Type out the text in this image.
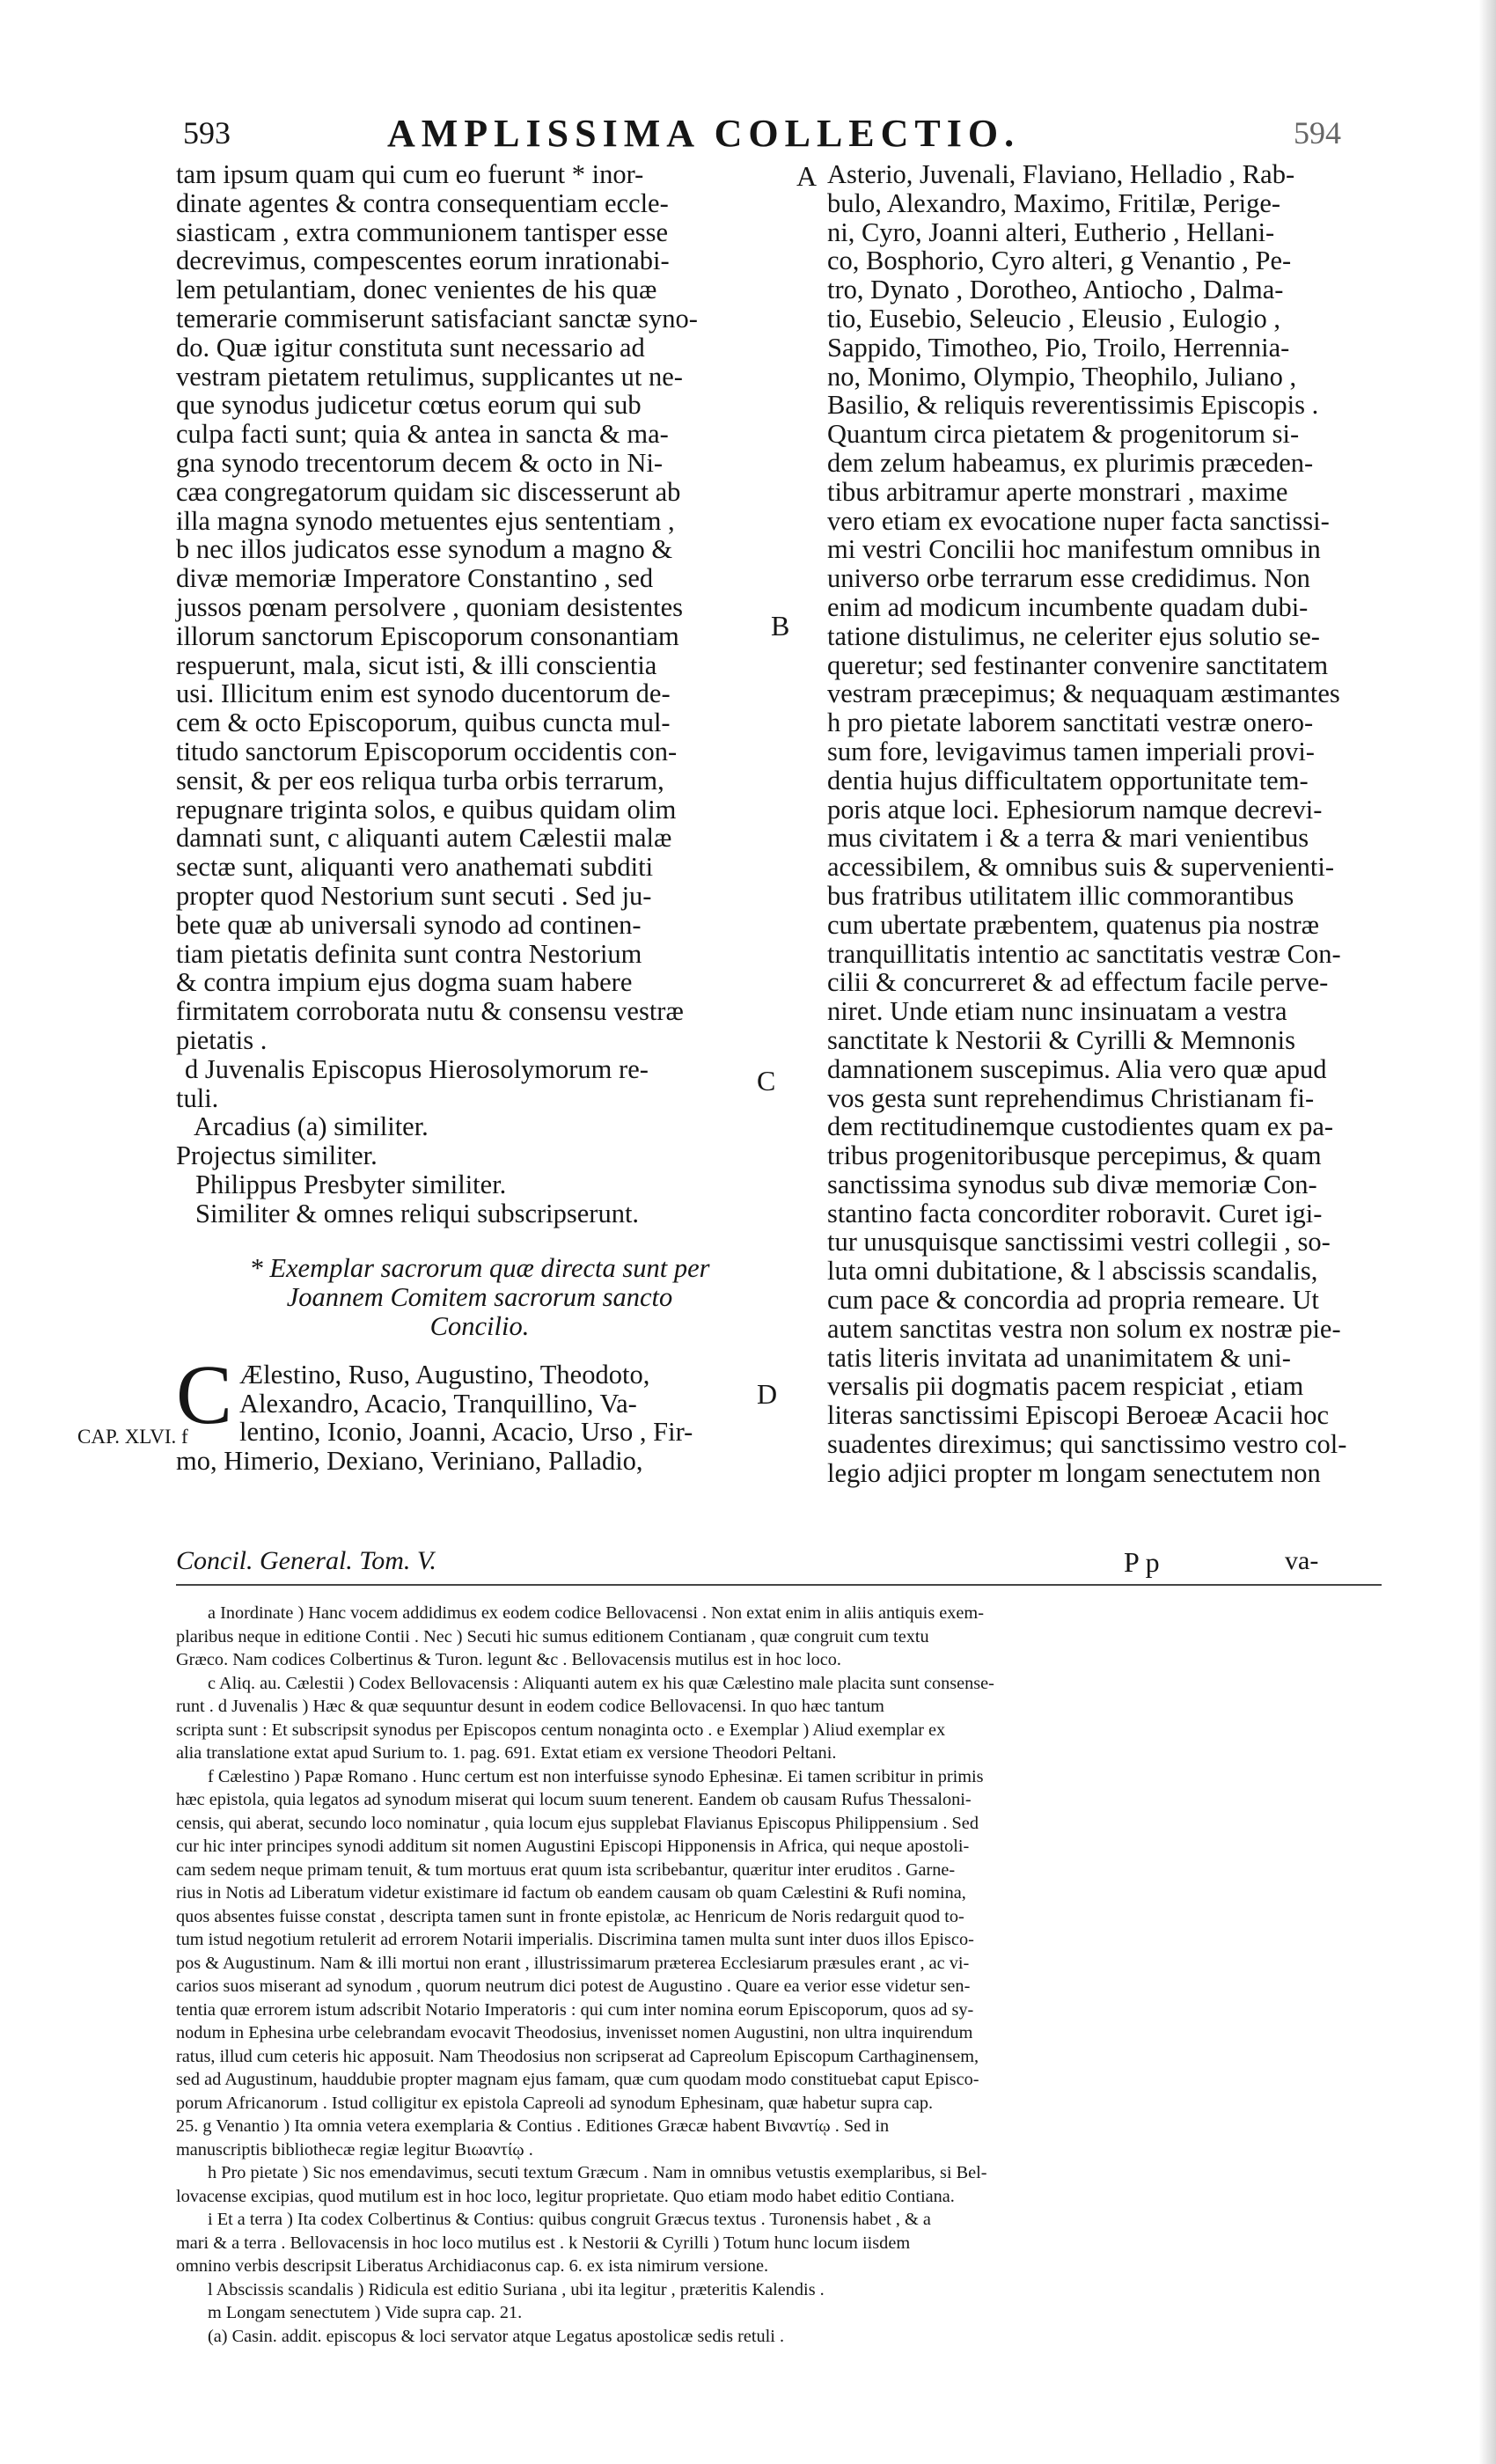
593	AMPLISSIMA COLLECTIO.	594

tam ipsum quam qui cum eo fuerunt * inor-
dinate agentes & contra consequentiam eccle-
siasticam , extra communionem tantisper esse
decrevimus, compescentes eorum inrationabi-
lem petulantiam, donec venientes de his quæ
temerarie commiserunt satisfaciant sanctæ syno-
do. Quæ igitur constituta sunt necessario ad
vestram pietatem retulimus, supplicantes ut ne-
que synodus judicetur cœtus eorum qui sub
culpa facti sunt; quia & antea in sancta & ma-
gna synodo trecentorum decem & octo in Ni-
cæa congregatorum quidam sic discesserunt ab
illa magna synodo metuentes ejus sententiam ,
b nec illos judicatos esse synodum a magno &
divæ memoriæ Imperatore Constantino , sed
jussos pœnam persolvere , quoniam desistentes
illorum sanctorum Episcoporum consonantiam
respuerunt, mala, sicut isti, & illi conscientia
usi. Illicitum enim est synodo ducentorum de-
cem & octo Episcoporum, quibus cuncta mul-
titudo sanctorum Episcoporum occidentis con-
sensit, & per eos reliqua turba orbis terrarum,
repugnare triginta solos, e quibus quidam olim
damnati sunt, c aliquanti autem Cælestii malæ
sectæ sunt, aliquanti vero anathemati subditi
propter quod Nestorium sunt secuti . Sed ju-
bete quæ ab universali synodo ad continen-
tiam pietatis definita sunt contra Nestorium
& contra impium ejus dogma suam habere
firmitatem corroborata nutu & consensu vestræ
pietatis .

d Juvenalis Episcopus Hierosolymorum re-
tuli.
Arcadius (a) similiter.
Projectus similiter.
Philippus Presbyter similiter.
Similiter & omnes reliqui subscripserunt.
* Exemplar sacrorum quæ directa sunt per
Joannem Comitem sacrorum sancto
Concilio.
C Ælestino, Ruso, Augustino, Theodoto,
Alexandro, Acacio, Tranquillino, Va-
lentino, Iconio, Joanni, Acacio, Urso , Fir-
mo, Himerio, Dexiano, Veriniano, Palladio,
CAP. XLVI. f
A
B
C
D

Asterio, Juvenali, Flaviano, Helladio , Rab-
bulo, Alexandro, Maximo, Fritilæ, Perige-
ni, Cyro, Joanni alteri, Eutherio , Hellani-
co, Bosphorio, Cyro alteri, g Venantio , Pe-
tro, Dynato , Dorotheo, Antiocho , Dalma-
tio, Eusebio, Seleucio , Eleusio , Eulogio ,
Sappido, Timotheo, Pio, Troilo, Herrennia-
no, Monimo, Olympio, Theophilo, Juliano ,
Basilio, & reliquis reverentissimis Episcopis .
Quantum circa pietatem & progenitorum si-
dem zelum habeamus, ex plurimis præceden-
tibus arbitramur aperte monstrari , maxime
vero etiam ex evocatione nuper facta sanctissi-
mi vestri Concilii hoc manifestum omnibus in
universo orbe terrarum esse credidimus. Non
enim ad modicum incumbente quadam dubi-
tatione distulimus, ne celeriter ejus solutio se-
queretur; sed festinanter convenire sanctitatem
vestram præcepimus; & nequaquam æstimantes
h pro pietate laborem sanctitati vestræ onero-
sum fore, levigavimus tamen imperiali provi-
dentia hujus difficultatem opportunitate tem-
poris atque loci. Ephesiorum namque decrevi-
mus civitatem i & a terra & mari venientibus
accessibilem, & omnibus suis & supervenienti-
bus fratribus utilitatem illic commorantibus
cum ubertate præbentem, quatenus pia nostræ
tranquillitatis intentio ac sanctitatis vestræ Con-
cilii & concurreret & ad effectum facile perve-
niret. Unde etiam nunc insinuatam a vestra
sanctitate k Nestorii & Cyrilli & Memnonis
damnationem suscepimus. Alia vero quæ apud
vos gesta sunt reprehendimus Christianam fi-
dem rectitudinemque custodientes quam ex pa-
tribus progenitoribusque percepimus, & quam
sanctissima synodus sub divæ memoriæ Con-
stantino facta concorditer roboravit. Curet igi-
tur unusquisque sanctissimi vestri collegii , so-
luta omni dubitatione, & l abscissis scandalis,
cum pace & concordia ad propria remeare. Ut
autem sanctitas vestra non solum ex nostræ pie-
tatis literis invitata ad unanimitatem & uni-
versalis pii dogmatis pacem respiciat , etiam
literas sanctissimi Episcopi Beroeæ Acacii hoc
suadentes direximus; qui sanctissimo vestro col-
legio adjici propter m longam senectutem non

Concil. General. Tom. V.	P p	va-
a Inordinate ) Hanc vocem addidimus ex eodem codice Bellovacensi . Non extat enim in aliis antiquis exem-
plaribus neque in editione Contii . Nec ) Secuti hic sumus editionem Contianam , quæ congruit cum textu
Græco. Nam codices Colbertinus & Turon. legunt &c . Bellovacensis mutilus est in hoc loco.
c Aliq. au. Cælestii ) Codex Bellovacensis : Aliquanti autem ex his quæ Cælestino male placita sunt consense-
runt . d Juvenalis ) Hæc & quæ sequuntur desunt in eodem codice Bellovacensi. In quo hæc tantum
scripta sunt : Et subscripsit synodus per Episcopos centum nonaginta octo . e Exemplar ) Aliud exemplar ex
alia translatione extat apud Surium to. 1. pag. 691. Extat etiam ex versione Theodori Peltani.
f Cælestino ) Papæ Romano . Hunc certum est non interfuisse synodo Ephesinæ. Ei tamen scribitur in primis
hæc epistola, quia legatos ad synodum miserat qui locum suum tenerent. Eandem ob causam Rufus Thessaloni-
censis, qui aberat, secundo loco nominatur , quia locum ejus supplebat Flavianus Episcopus Philippensium . Sed
cur hic inter principes synodi additum sit nomen Augustini Episcopi Hipponensis in Africa, qui neque apostoli-
cam sedem neque primam tenuit, & tum mortuus erat quum ista scribebantur, quæritur inter eruditos . Garne-
rius in Notis ad Liberatum videtur existimare id factum ob eandem causam ob quam Cælestini & Rufi nomina,
quos absentes fuisse constat , descripta tamen sunt in fronte epistolæ, ac Henricum de Noris redarguit quod to-
tum istud negotium retulerit ad errorem Notarii imperialis. Discrimina tamen multa sunt inter duos illos Episco-
pos & Augustinum. Nam & illi mortui non erant , illustrissimarum præterea Ecclesiarum præsules erant , ac vi-
carios suos miserant ad synodum , quorum neutrum dici potest de Augustino . Quare ea verior esse videtur sen-
tentia quæ errorem istum adscribit Notario Imperatoris : qui cum inter nomina eorum Episcoporum, quos ad sy-
nodum in Ephesina urbe celebrandam evocavit Theodosius, invenisset nomen Augustini, non ultra inquirendum
ratus, illud cum ceteris hic apposuit. Nam Theodosius non scripserat ad Capreolum Episcopum Carthaginensem,
sed ad Augustinum, hauddubie propter magnam ejus famam, quæ cum quodam modo constituebat caput Episco-
porum Africanorum . Istud colligitur ex epistola Capreoli ad synodum Ephesinam, quæ habetur supra cap.
25. g Venantio ) Ita omnia vetera exemplaria & Contius . Editiones Græcæ habent Βιναντίῳ . Sed in
manuscriptis bibliothecæ regiæ legitur Βιωαντίῳ .
h Pro pietate ) Sic nos emendavimus, secuti textum Græcum . Nam in omnibus vetustis exemplaribus, si Bel-
lovacense excipias, quod mutilum est in hoc loco, legitur proprietate. Quo etiam modo habet editio Contiana.
i Et a terra ) Ita codex Colbertinus & Contius: quibus congruit Græcus textus . Turonensis habet , & a
mari & a terra . Bellovacensis in hoc loco mutilus est . k Nestorii & Cyrilli ) Totum hunc locum iisdem
omnino verbis descripsit Liberatus Archidiaconus cap. 6. ex ista nimirum versione.
l Abscissis scandalis ) Ridicula est editio Suriana , ubi ita legitur , præteritis Kalendis .
m Longam senectutem ) Vide supra cap. 21.
(a) Casin. addit. episcopus & loci servator atque Legatus apostolicæ sedis retuli .
